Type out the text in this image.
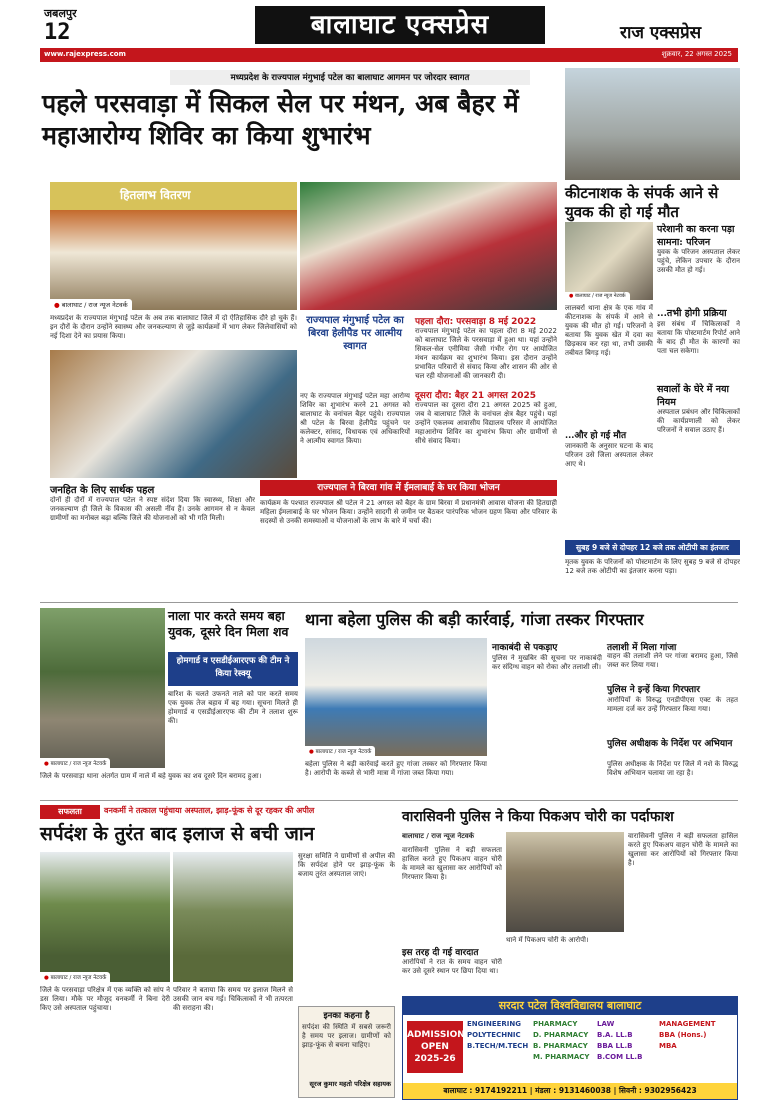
जबलपुर
12	बालाघाट एक्सप्रेस	राज एक्सप्रेस
www.rajexpress.com	शुक्रवार, 22 अगस्त 2025
मध्यप्रदेश के राज्यपाल मंगुभाई पटेल का बालाघाट आगमन पर जोरदार स्वागत
पहले परसवाड़ा में सिकल सेल पर मंथन, अब बैहर में महाआरोग्य शिविर का किया शुभारंभ
हितलाभ वितरण
● बालाघाट / राज न्यूज नेटवर्क
मध्यप्रदेश के राज्यपाल मंगुभाई पटेल के अब तक बालाघाट जिले में दो ऐतिहासिक दौरे हो चुके हैं। इन दौरों के दौरान उन्होंने स्वास्थ्य और जनकल्याण से जुड़े कार्यक्रमों में भाग लेकर जिलेवासियों को नई दिशा देने का प्रयास किया।
राज्यपाल मंगुभाई पटेल का बिरवा हेलीपैड पर आत्मीय स्वागत
नए के राज्यपाल मंगुभाई पटेल महा आरोग्य शिविर का शुभारंभ करने 21 अगस्त को बालाघाट के वनांचल बैहर पहुंचे। राज्यपाल श्री पटेल के बिरवा हेलीपैड पहुंचने पर कलेक्टर, सांसद, विधायक एवं अधिकारियों ने आत्मीय स्वागत किया।
पहला दौरा: परसवाड़ा 8 मई 2022
राज्यपाल मंगुभाई पटेल का पहला दौरा 8 मई 2022 को बालाघाट जिले के परसवाड़ा में हुआ था। यहां उन्होंने सिकल-सेल एनीमिया जैसी गंभीर रोग पर आयोजित मंथन कार्यक्रम का शुभारंभ किया। इस दौरान उन्होंने प्रभावित परिवारों से संवाद किया और शासन की ओर से चल रही योजनाओं की जानकारी दी।
दूसरा दौरा: बैहर 21 अगस्त 2025
राज्यपाल का दूसरा दौरा 21 अगस्त 2025 को हुआ, जब वे बालाघाट जिले के वनांचल क्षेत्र बैहर पहुंचे। यहां उन्होंने एकलव्य आवासीय विद्यालय परिसर में आयोजित महाआरोग्य शिविर का शुभारंभ किया और ग्रामीणों से सीधे संवाद किया।
जनहित के लिए सार्थक पहल
दोनों ही दौरों में राज्यपाल पटेल ने स्पष्ट संदेश दिया कि स्वास्थ्य, शिक्षा और जनकल्याण ही जिले के विकास की असली नींव हैं। उनके आगमन से न केवल ग्रामीणों का मनोबल बढ़ा बल्कि जिले की योजनाओं को भी गति मिली।
राज्यपाल ने बिरवा गांव में ईमलाबाई के घर किया भोजन
कार्यक्रम के पश्चात राज्यपाल श्री पटेल ने 21 अगस्त को बैहर के ग्राम बिरवा में प्रधानमंत्री आवास योजना की हितग्राही महिला ईमलाबाई के घर भोजन किया। उन्होंने सादगी से जमीन पर बैठकर पारंपरिक भोजन ग्रहण किया और परिवार के सदस्यों से उनकी समस्याओं व योजनाओं के लाभ के बारे में चर्चा की।
कीटनाशक के संपर्क आने से युवक की हो गई मौत
● बालाघाट / राज न्यूज नेटवर्क
लालबर्रा थाना क्षेत्र के एक गांव में कीटनाशक के संपर्क में आने से युवक की मौत हो गई। परिजनों ने बताया कि युवक खेत में दवा का छिड़काव कर रहा था, तभी उसकी तबीयत बिगड़ गई।
...और हो गई मौत
जानकारी के अनुसार घटना के बाद परिजन उसे जिला अस्पताल लेकर आए थे।
परेशानी का करना पड़ा सामना: परिजन
युवक के परिजन अस्पताल लेकर पहुंचे, लेकिन उपचार के दौरान उसकी मौत हो गई।
...तभी होगी प्रक्रिया
इस संबंध में चिकित्सकों ने बताया कि पोस्टमार्टम रिपोर्ट आने के बाद ही मौत के कारणों का पता चल सकेगा।
सवालों के घेरे में नया नियम
अस्पताल प्रबंधन और चिकित्सकों की कार्यप्रणाली को लेकर परिजनों ने सवाल उठाए हैं।
सुबह 9 बजे से दोपहर 12 बजे तक ओटीपी का इंतजार
मृतक युवक के परिजनों को पोस्टमार्टम के लिए सुबह 9 बजे से दोपहर 12 बजे तक ओटीपी का इंतजार करना पड़ा।
● बालाघाट / राज न्यूज नेटवर्क
नाला पार करते समय बहा युवक, दूसरे दिन मिला शव
होमगार्ड व एसडीईआरएफ की टीम ने किया रेस्क्यू
बारिश के चलते उफनते नाले को पार करते समय एक युवक तेज बहाव में बह गया। सूचना मिलते ही होमगार्ड व एसडीईआरएफ की टीम ने तलाश शुरू की।
जिले के परसवाड़ा थाना अंतर्गत ग्राम में नाले में बहे युवक का शव दूसरे दिन बरामद हुआ।
थाना बहेला पुलिस की बड़ी कार्रवाई, गांजा तस्कर गिरफ्तार
● बालाघाट / राज न्यूज नेटवर्क
बहेला पुलिस ने बड़ी कार्रवाई करते हुए गांजा तस्कर को गिरफ्तार किया है। आरोपी के कब्जे से भारी मात्रा में गांजा जब्त किया गया।
नाकाबंदी से पकड़ाए
पुलिस ने मुखबिर की सूचना पर नाकाबंदी कर संदिग्ध वाहन को रोका और तलाशी ली।
तलाशी में मिला गांजा
वाहन की तलाशी लेने पर गांजा बरामद हुआ, जिसे जब्त कर लिया गया।
पुलिस ने इन्हें किया गिरफ्तार
आरोपियों के विरुद्ध एनडीपीएस एक्ट के तहत मामला दर्ज कर उन्हें गिरफ्तार किया गया।
पुलिस अधीक्षक के निर्देश पर अभियान
पुलिस अधीक्षक के निर्देश पर जिले में नशे के विरुद्ध विशेष अभियान चलाया जा रहा है।
सफलता	वनकर्मी ने तत्काल पहुंचाया अस्पताल, झाड़-फूंक से दूर रहकर की अपील
सर्पदंश के तुरंत बाद इलाज से बची जान
● बालाघाट / राज न्यूज नेटवर्क
जिले के परसवाड़ा परिक्षेत्र में एक व्यक्ति को सांप ने डस लिया। मौके पर मौजूद वनकर्मी ने बिना देरी किए उसे अस्पताल पहुंचाया।
परिवार ने बताया कि समय पर इलाज मिलने से उसकी जान बच गई। चिकित्सकों ने भी तत्परता की सराहना की।
सुरक्षा समिति ने ग्रामीणों से अपील की कि सर्पदंश होने पर झाड़-फूंक के बजाय तुरंत अस्पताल जाएं।
इनका कहना है
सर्पदंश की स्थिति में सबसे जरूरी है समय पर इलाज। ग्रामीणों को झाड़-फूंक से बचना चाहिए।
सूरज कुमार महतो परिक्षेत्र सहायक
वारासिवनी पुलिस ने किया पिकअप चोरी का पर्दाफाश
बालाघाट / राज न्यूज नेटवर्क
वारासिवनी पुलिस ने बड़ी सफलता हासिल करते हुए पिकअप वाहन चोरी के मामले का खुलासा कर आरोपियों को गिरफ्तार किया है।
इस तरह दी गई वारदात
आरोपियों ने रात के समय वाहन चोरी कर उसे दूसरे स्थान पर छिपा दिया था।
थाने में पिकअप चोरी के आरोपी।
वारासिवनी पुलिस ने बड़ी सफलता हासिल करते हुए पिकअप वाहन चोरी के मामले का खुलासा कर आरोपियों को गिरफ्तार किया है।
सरदार पटेल विश्वविद्यालय बालाघाट
ADMISSIONS OPEN 2025-26
ENGINEERING
POLYTECHNIC
B.TECH/M.TECH
PHARMACY
D. PHARMACY
B. PHARMACY
M. PHARMACY
LAW
B.A. LL.B
BBA LL.B
B.COM LL.B
MANAGEMENT
BBA (Hons.)
MBA
बालाघाट : 9174192211 | मंडला : 9131460038 | सिवनी : 9302956423
